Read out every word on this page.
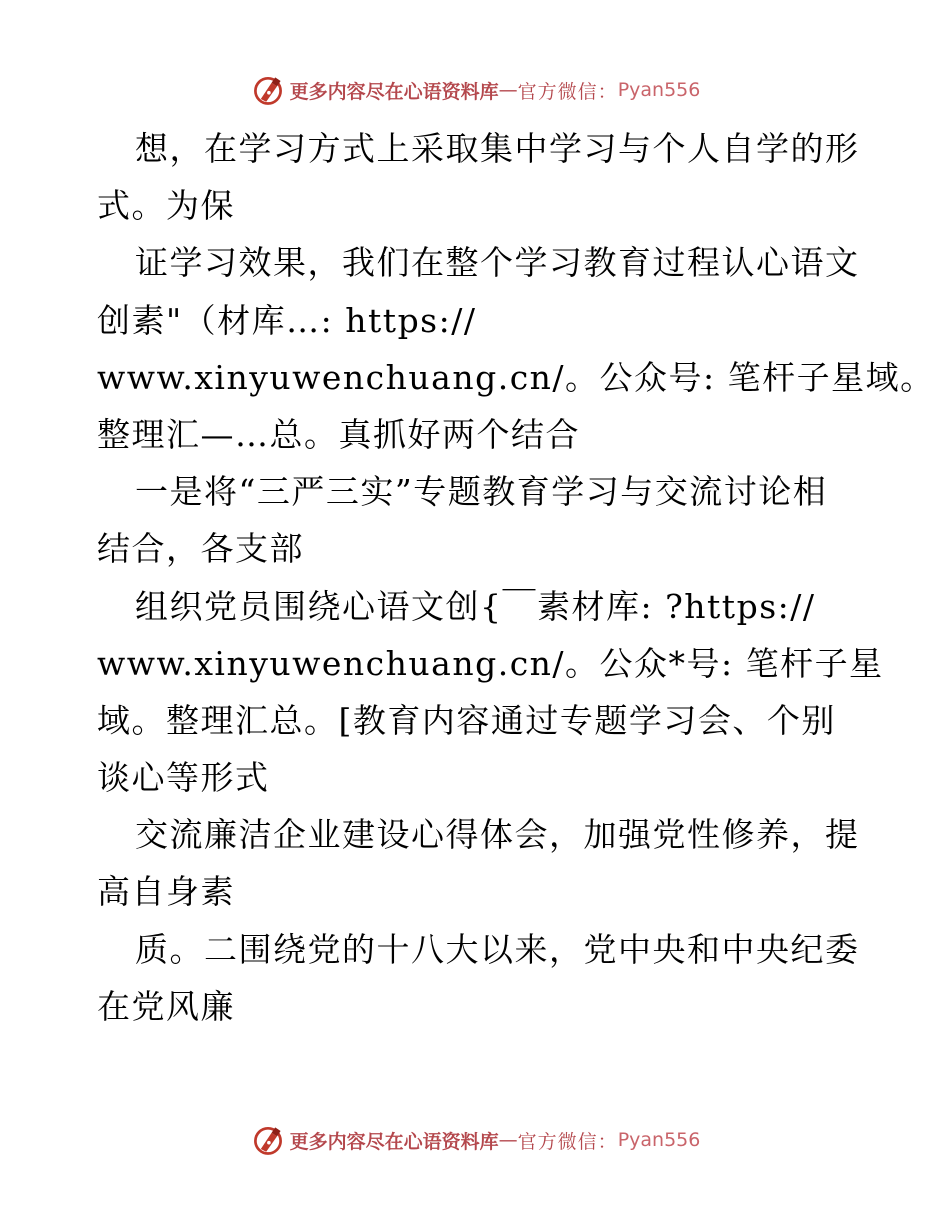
更多内容尽在心语资料库 — 官方微信： Pyan556
想，在学习方式上采取集中学习与个人自学的形
式。为保
证学习效果，我们在整个学习教育过程认心语文
创素"（材库…: https://
www.xinyuwenchuang.cn/。公众号: 笔杆子星域。
整理汇—…总。真抓好两个结合
一是将“三严三实”专题教育学习与交流讨论相
结合，各支部
组织党员围绕心语文创{￣素材库: ?https://
www.xinyuwenchuang.cn/。公众*号: 笔杆子星
域。整理汇总。[教育内容通过专题学习会、个别
谈心等形式
交流廉洁企业建设心得体会，加强党性修养，提
高自身素
质。二围绕党的十八大以来，党中央和中央纪委
在党风廉
更多内容尽在心语资料库 — 官方微信： Pyan556
